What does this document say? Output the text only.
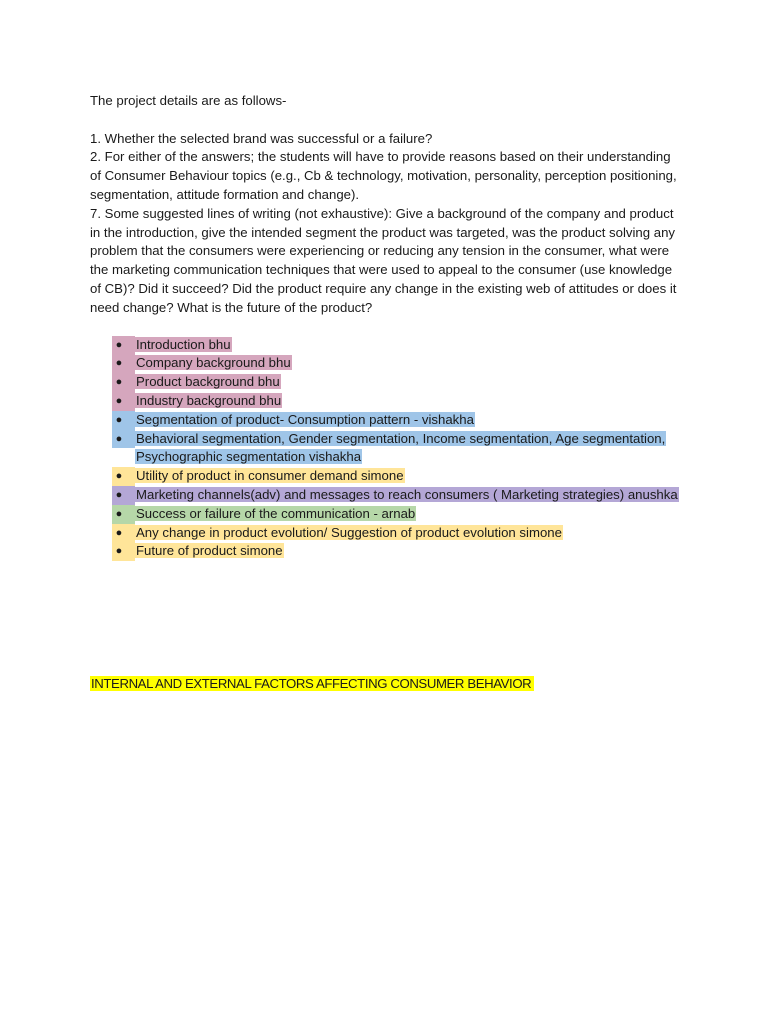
The project details are as follows-

1. Whether the selected brand was successful or a failure?

2. For either of the answers; the students will have to provide reasons based on their understanding of Consumer Behaviour topics (e.g., Cb & technology, motivation, personality, perception positioning, segmentation, attitude formation and change).

7. Some suggested lines of writing (not exhaustive): Give a background of the company and product in the introduction, give the intended segment the product was targeted, was the product solving any problem that the consumers were experiencing or reducing any tension in the consumer, what were the marketing communication techniques that were used to appeal to the consumer (use knowledge of CB)? Did it succeed? Did the product require any change in the existing web of attitudes or does it need change? What is the future of the product?

●
Introduction bhu
●
Company background bhu
●
Product background bhu
●
Industry background bhu
●
Segmentation of product- Consumption pattern - vishakha
●
Behavioral segmentation, Gender segmentation, Income segmentation, Age segmentation, Psychographic segmentation vishakha
●
Utility of product in consumer demand simone
●
Marketing channels(adv) and messages to reach consumers ( Marketing strategies) anushka
●
Success or failure of the communication - arnab
●
Any change in product evolution/ Suggestion of product evolution simone
●
Future of product simone

INTERNAL AND EXTERNAL FACTORS AFFECTING CONSUMER BEHAVIOR
